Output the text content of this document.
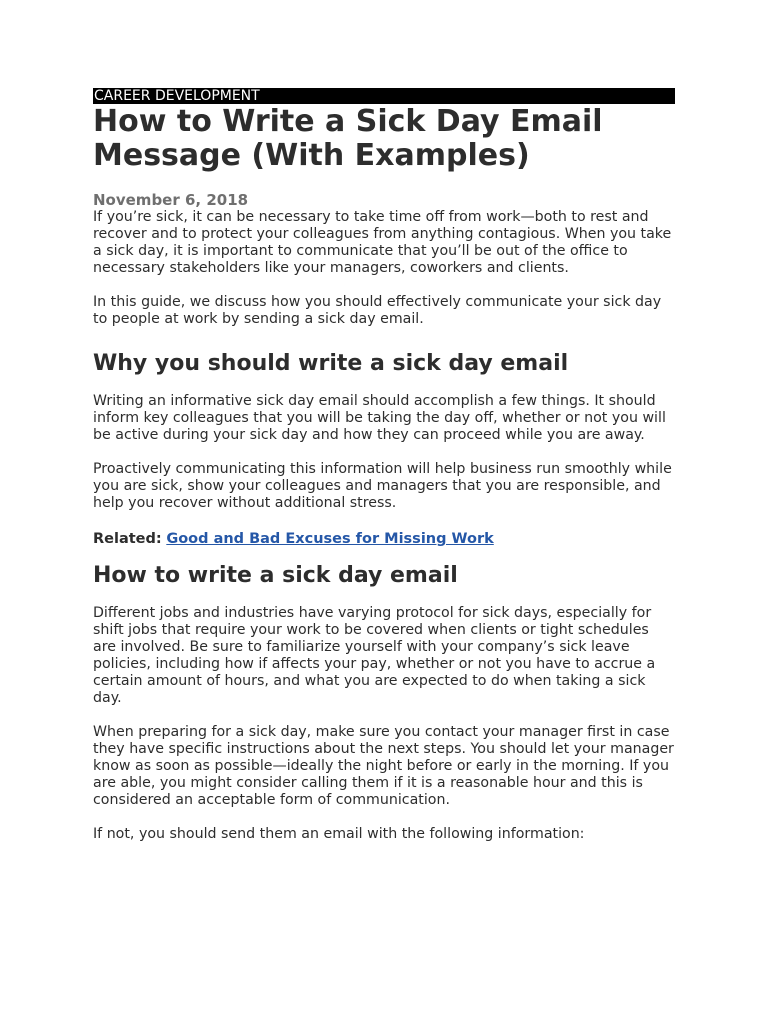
CAREER DEVELOPMENT
How to Write a Sick Day Email Message (With Examples)
November 6, 2018

If you’re sick, it can be necessary to take time off from work—both to rest and recover and to protect your colleagues from anything contagious. When you take a sick day, it is important to communicate that you’ll be out of the office to necessary stakeholders like your managers, coworkers and clients.

In this guide, we discuss how you should effectively communicate your sick day to people at work by sending a sick day email.

Why you should write a sick day email

Writing an informative sick day email should accomplish a few things. It should inform key colleagues that you will be taking the day off, whether or not you will be active during your sick day and how they can proceed while you are away.

Proactively communicating this information will help business run smoothly while you are sick, show your colleagues and managers that you are responsible, and help you recover without additional stress.

Related: Good and Bad Excuses for Missing Work
How to write a sick day email

Different jobs and industries have varying protocol for sick days, especially for shift jobs that require your work to be covered when clients or tight schedules are involved. Be sure to familiarize yourself with your company’s sick leave policies, including how if affects your pay, whether or not you have to accrue a certain amount of hours, and what you are expected to do when taking a sick day.

When preparing for a sick day, make sure you contact your manager first in case they have specific instructions about the next steps. You should let your manager know as soon as possible—ideally the night before or early in the morning. If you are able, you might consider calling them if it is a reasonable hour and this is considered an acceptable form of communication.

If not, you should send them an email with the following information:
